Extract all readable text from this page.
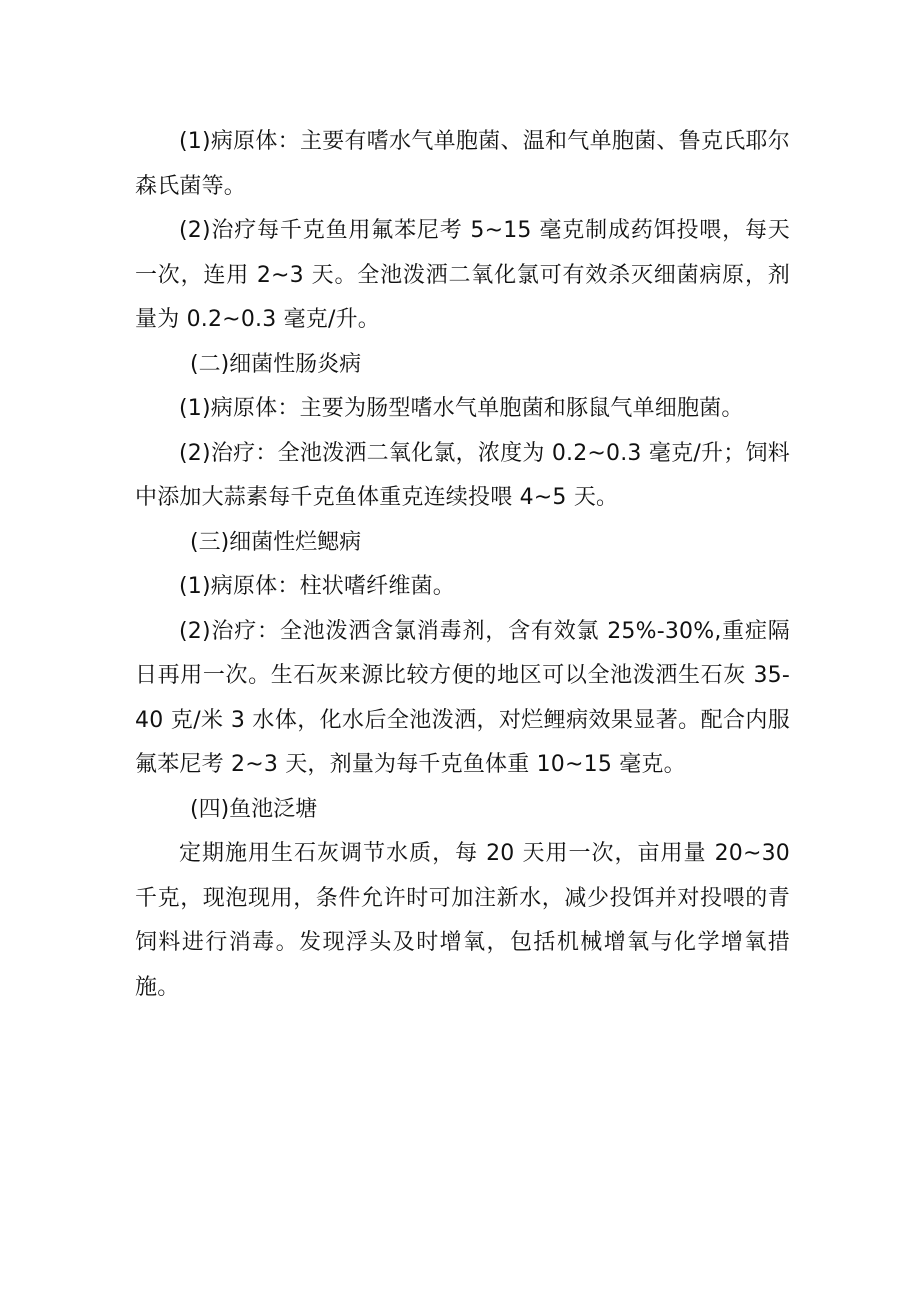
(1)病原体：主要有嗜水气单胞菌、温和气单胞菌、鲁克氏耶尔森氏菌等。

(2)治疗每千克鱼用氟苯尼考 5~15 毫克制成药饵投喂，每天一次，连用 2~3 天。全池泼洒二氧化氯可有效杀灭细菌病原，剂量为 0.2~0.3 毫克/升。

(二)细菌性肠炎病

(1)病原体：主要为肠型嗜水气单胞菌和豚鼠气单细胞菌。

(2)治疗：全池泼洒二氧化氯，浓度为 0.2~0.3 毫克/升；饲料中添加大蒜素每千克鱼体重克连续投喂 4~5 天。

(三)细菌性烂鳃病

(1)病原体：柱状嗜纤维菌。

(2)治疗：全池泼洒含氯消毒剂，含有效氯 25%-30%,重症隔日再用一次。生石灰来源比较方便的地区可以全池泼洒生石灰 35-40 克/米 3 水体，化水后全池泼洒，对烂鲤病效果显著。配合内服氟苯尼考 2~3 天，剂量为每千克鱼体重 10~15 毫克。

(四)鱼池泛塘

定期施用生石灰调节水质，每 20 天用一次，亩用量 20~30 千克，现泡现用，条件允许时可加注新水，减少投饵并对投喂的青饲料进行消毒。发现浮头及时增氧，包括机械增氧与化学增氧措施。
